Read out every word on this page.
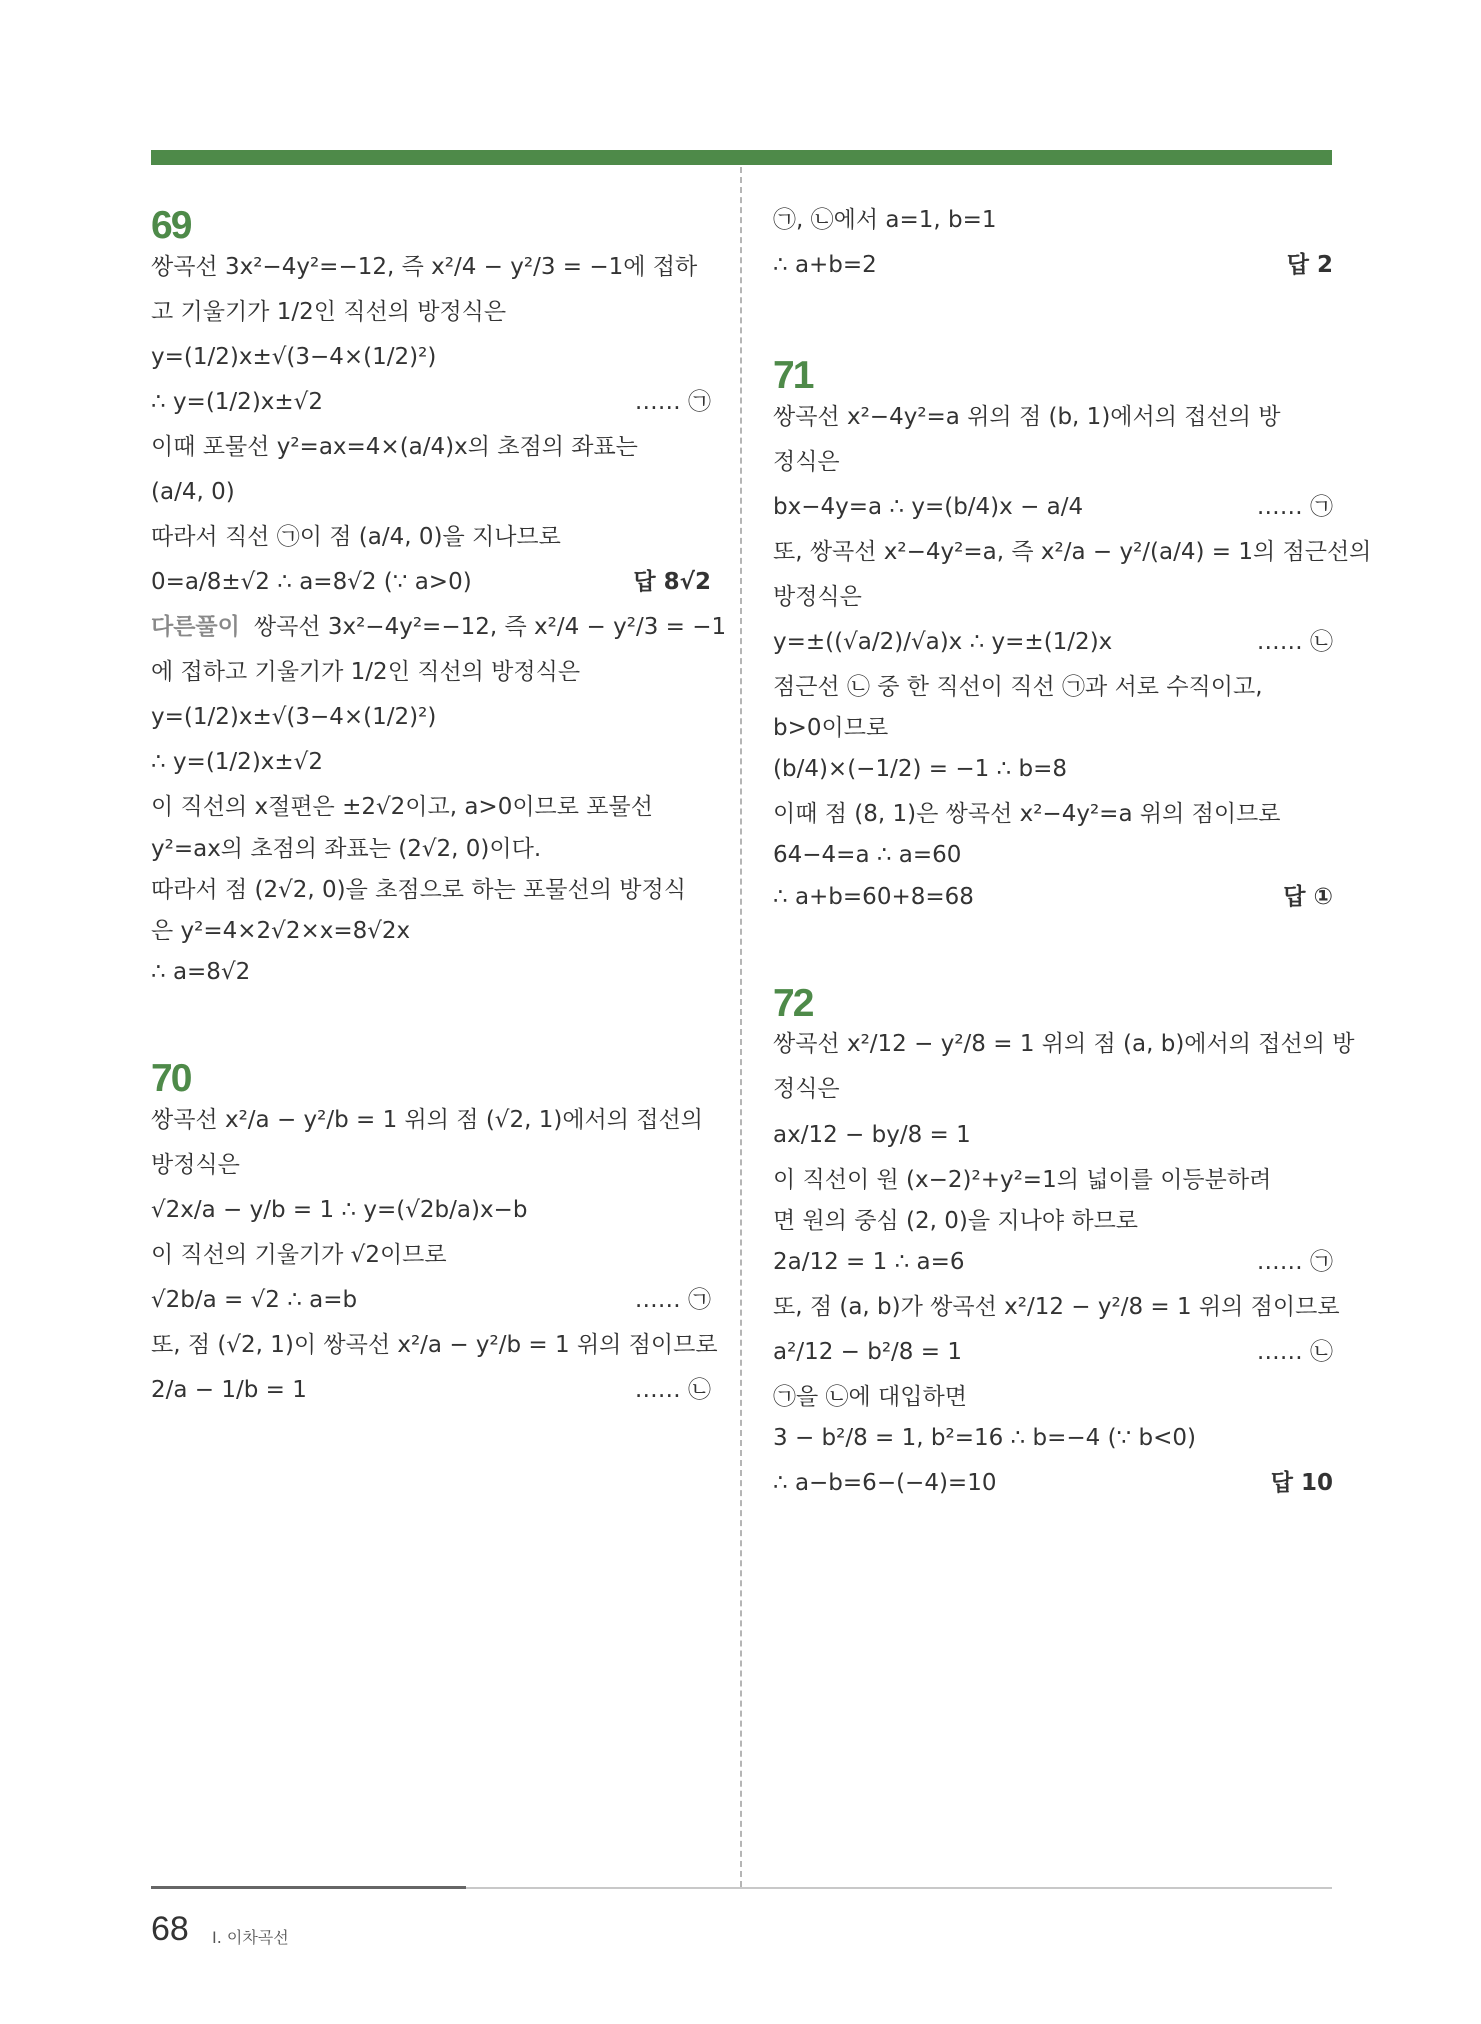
69
쌍곡선 3x²−4y²=−12, 즉 x²/4 − y²/3 = −1에 접하
고 기울기가 1/2인 직선의 방정식은
y=(1/2)x±√(3−4×(1/2)²)
∴ y=(1/2)x±√2	…… ㉠
이때 포물선 y²=ax=4×(a/4)x의 초점의 좌표는
(a/4, 0)
따라서 직선 ㉠이 점 (a/4, 0)을 지나므로
0=a/8±√2 ∴ a=8√2 (∵ a>0)	답 8√2
다른풀이 쌍곡선 3x²−4y²=−12, 즉 x²/4 − y²/3 = −1
에 접하고 기울기가 1/2인 직선의 방정식은
y=(1/2)x±√(3−4×(1/2)²)
∴ y=(1/2)x±√2
이 직선의 x절편은 ±2√2이고, a>0이므로 포물선
y²=ax의 초점의 좌표는 (2√2, 0)이다.
따라서 점 (2√2, 0)을 초점으로 하는 포물선의 방정식
은 y²=4×2√2×x=8√2x
∴ a=8√2
70
쌍곡선 x²/a − y²/b = 1 위의 점 (√2, 1)에서의 접선의
방정식은
√2x/a − y/b = 1 ∴ y=(√2b/a)x−b
이 직선의 기울기가 √2이므로
√2b/a = √2 ∴ a=b	…… ㉠
또, 점 (√2, 1)이 쌍곡선 x²/a − y²/b = 1 위의 점이므로
2/a − 1/b = 1	…… ㉡
㉠, ㉡에서 a=1, b=1
∴ a+b=2	답 2
71
쌍곡선 x²−4y²=a 위의 점 (b, 1)에서의 접선의 방
정식은
bx−4y=a ∴ y=(b/4)x − a/4	…… ㉠
또, 쌍곡선 x²−4y²=a, 즉 x²/a − y²/(a/4) = 1의 점근선의
방정식은
y=±((√a/2)/√a)x ∴ y=±(1/2)x	…… ㉡
점근선 ㉡ 중 한 직선이 직선 ㉠과 서로 수직이고,
b>0이므로
(b/4)×(−1/2) = −1 ∴ b=8
이때 점 (8, 1)은 쌍곡선 x²−4y²=a 위의 점이므로
64−4=a ∴ a=60
∴ a+b=60+8=68	답 ①
72
쌍곡선 x²/12 − y²/8 = 1 위의 점 (a, b)에서의 접선의 방
정식은
ax/12 − by/8 = 1
이 직선이 원 (x−2)²+y²=1의 넓이를 이등분하려
면 원의 중심 (2, 0)을 지나야 하므로
2a/12 = 1 ∴ a=6	…… ㉠
또, 점 (a, b)가 쌍곡선 x²/12 − y²/8 = 1 위의 점이므로
a²/12 − b²/8 = 1	…… ㉡
㉠을 ㉡에 대입하면
3 − b²/8 = 1, b²=16 ∴ b=−4 (∵ b<0)
∴ a−b=6−(−4)=10	답 10
68 Ⅰ. 이차곡선
